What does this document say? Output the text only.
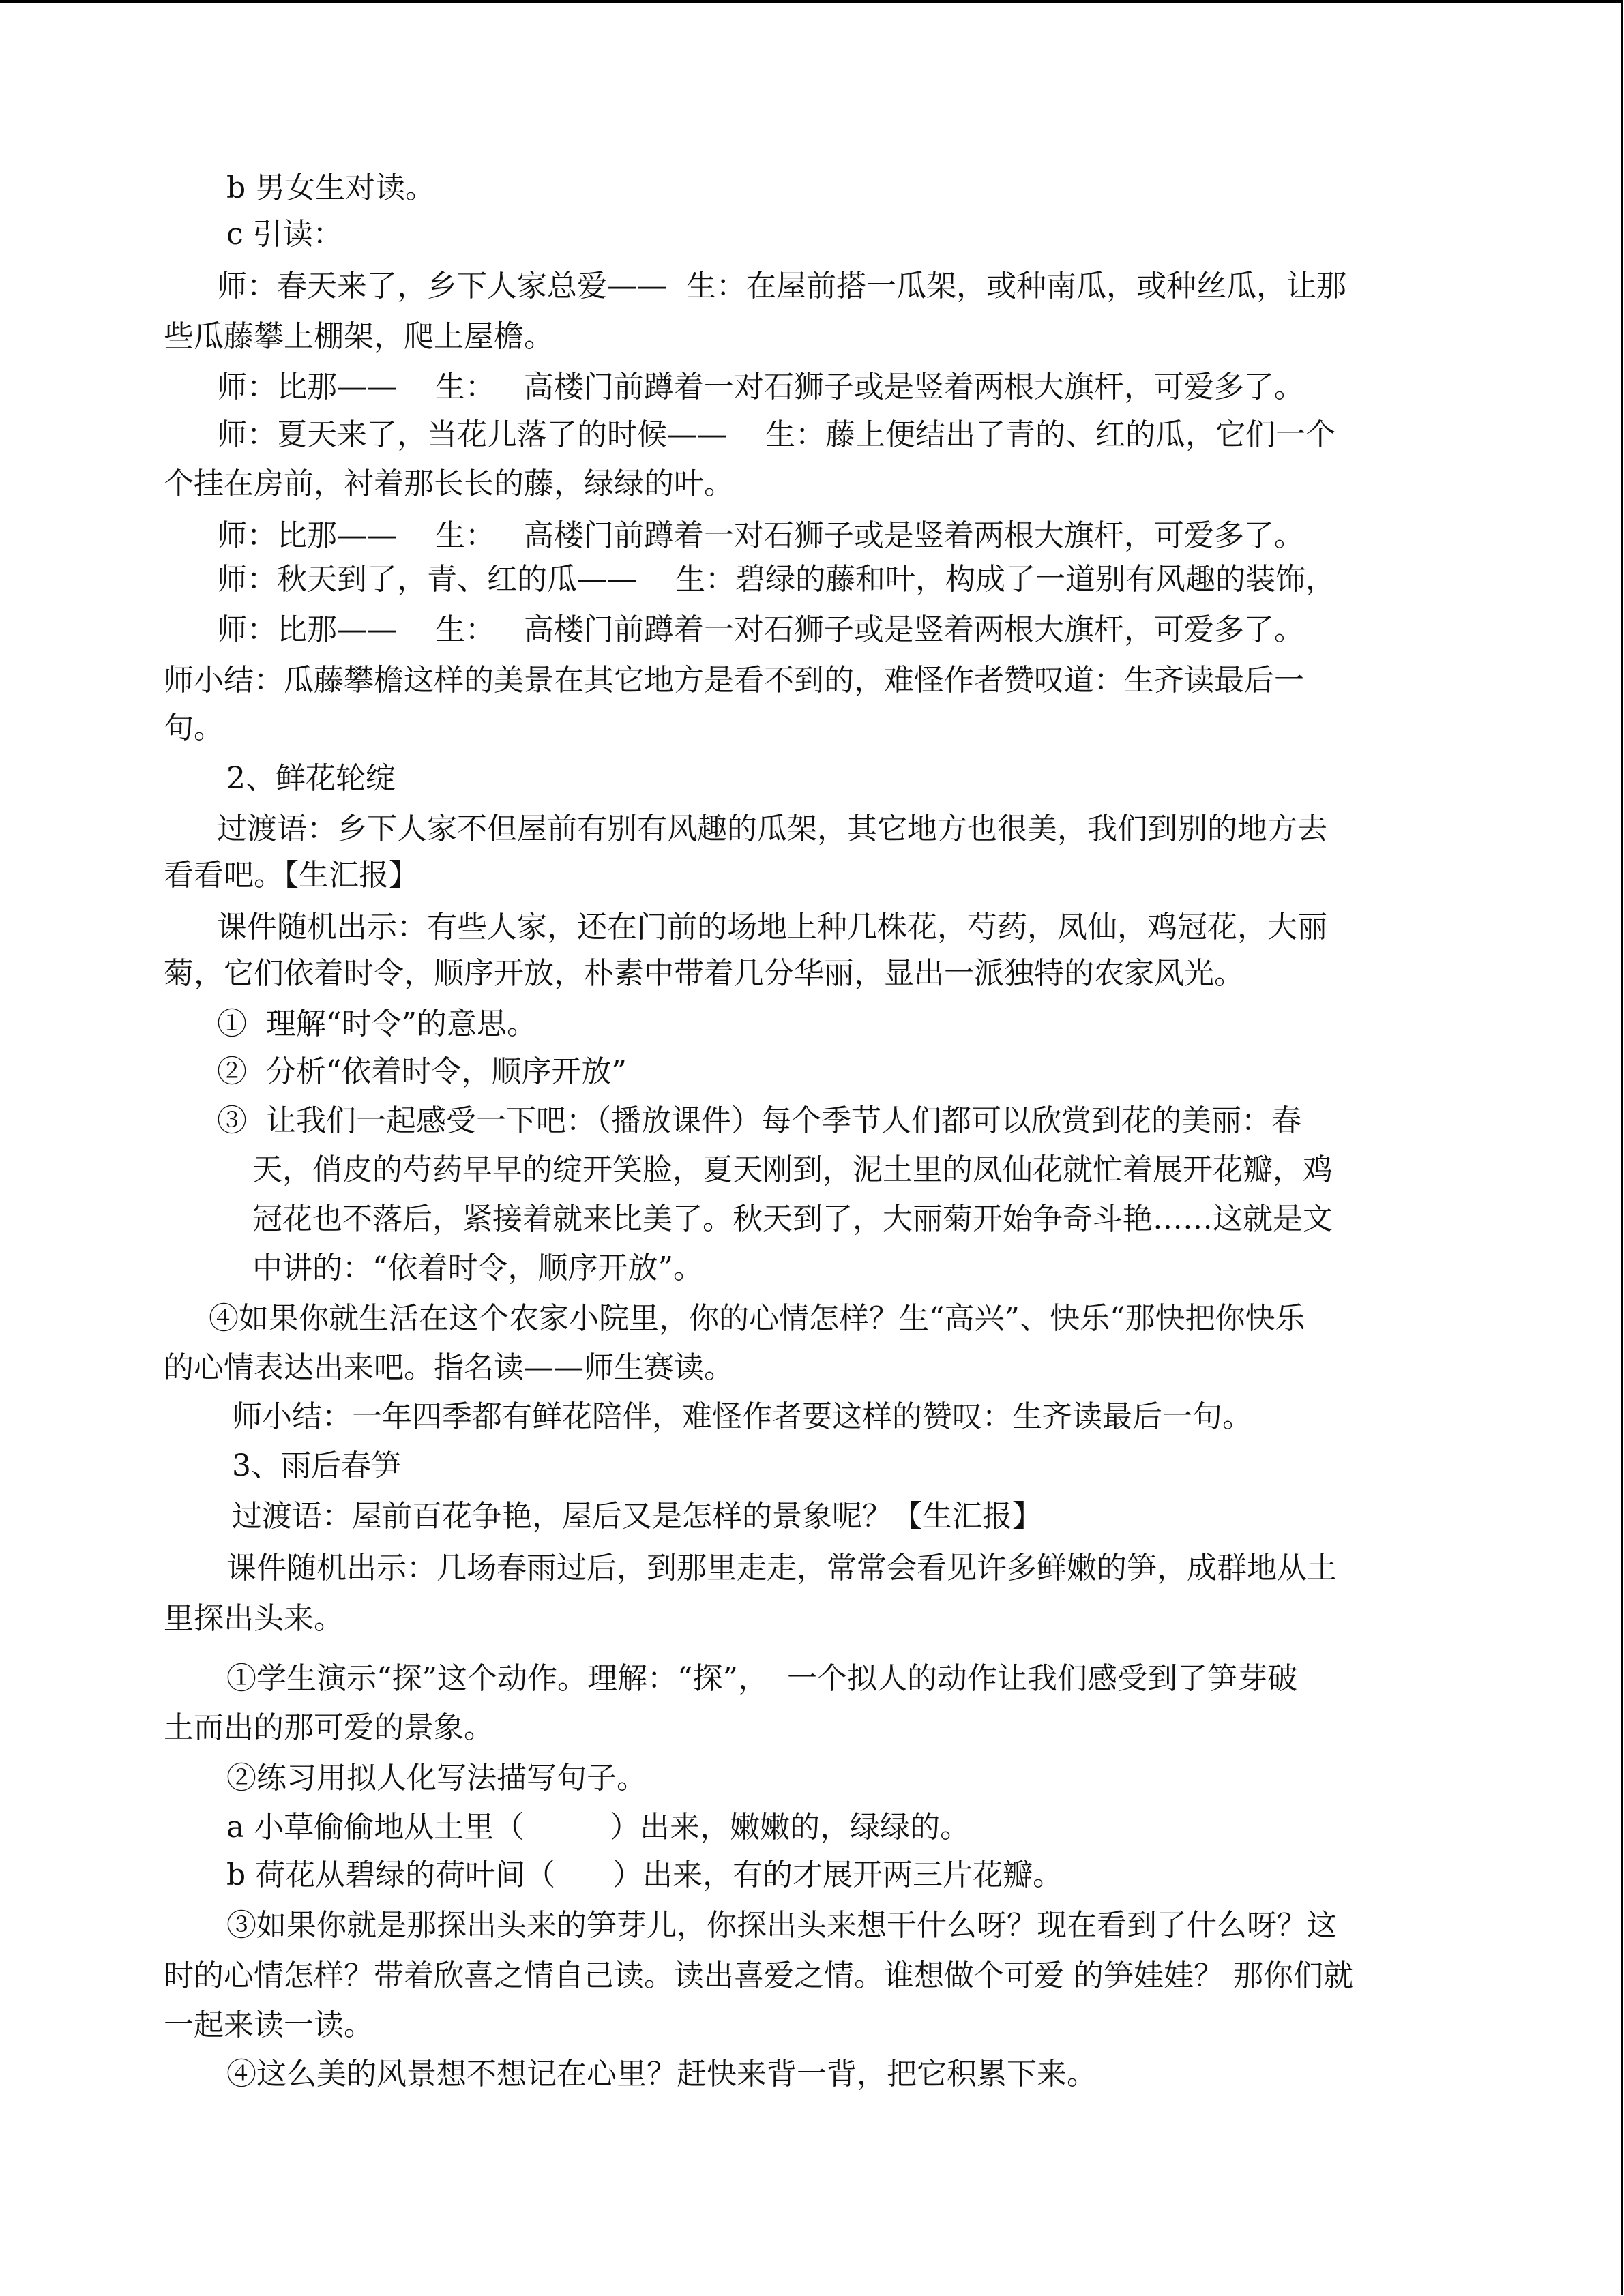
b 男女生对读。
c 引读：
师：春天来了，乡下人家总爱——  生：在屋前搭一瓜架，或种南瓜，或种丝瓜，让那
些瓜藤攀上棚架，爬上屋檐。
师：比那——    生：   高楼门前蹲着一对石狮子或是竖着两根大旗杆，可爱多了。
师：夏天来了，当花儿落了的时候——    生：藤上便结出了青的、红的瓜，它们一个
个挂在房前，衬着那长长的藤，绿绿的叶。
师：比那——    生：   高楼门前蹲着一对石狮子或是竖着两根大旗杆，可爱多了。
师：秋天到了，青、红的瓜——    生：碧绿的藤和叶，构成了一道别有风趣的装饰，
师：比那——    生：   高楼门前蹲着一对石狮子或是竖着两根大旗杆，可爱多了。
师小结：瓜藤攀檐这样的美景在其它地方是看不到的，难怪作者赞叹道：生齐读最后一
句。
2、鲜花轮绽
过渡语：乡下人家不但屋前有别有风趣的瓜架，其它地方也很美，我们到别的地方去
看看吧。【生汇报】
课件随机出示：有些人家，还在门前的场地上种几株花，芍药，凤仙，鸡冠花，大丽
菊，它们依着时令，顺序开放，朴素中带着几分华丽，显出一派独特的农家风光。
①  理解“时令”的意思。
②  分析“依着时令，顺序开放”
③  让我们一起感受一下吧：（播放课件）每个季节人们都可以欣赏到花的美丽：春
天，俏皮的芍药早早的绽开笑脸，夏天刚到，泥土里的凤仙花就忙着展开花瓣，鸡
冠花也不落后，紧接着就来比美了。秋天到了，大丽菊开始争奇斗艳……这就是文
中讲的：“依着时令，顺序开放”。
④如果你就生活在这个农家小院里，你的心情怎样？生“高兴”、快乐“那快把你快乐
的心情表达出来吧。指名读——师生赛读。
师小结：一年四季都有鲜花陪伴，难怪作者要这样的赞叹：生齐读最后一句。
3、雨后春笋
过渡语：屋前百花争艳，屋后又是怎样的景象呢？【生汇报】
课件随机出示：几场春雨过后，到那里走走，常常会看见许多鲜嫩的笋，成群地从土
里探出头来。
①学生演示“探”这个动作。理解：“探”，  一个拟人的动作让我们感受到了笋芽破
土而出的那可爱的景象。
②练习用拟人化写法描写句子。
a 小草偷偷地从土里（         ）出来，嫩嫩的，绿绿的。
b 荷花从碧绿的荷叶间（      ）出来，有的才展开两三片花瓣。
③如果你就是那探出头来的笋芽儿，你探出头来想干什么呀？现在看到了什么呀？这
时的心情怎样？带着欣喜之情自己读。读出喜爱之情。谁想做个可爱 的笋娃娃？ 那你们就
一起来读一读。
④这么美的风景想不想记在心里？赶快来背一背，把它积累下来。
